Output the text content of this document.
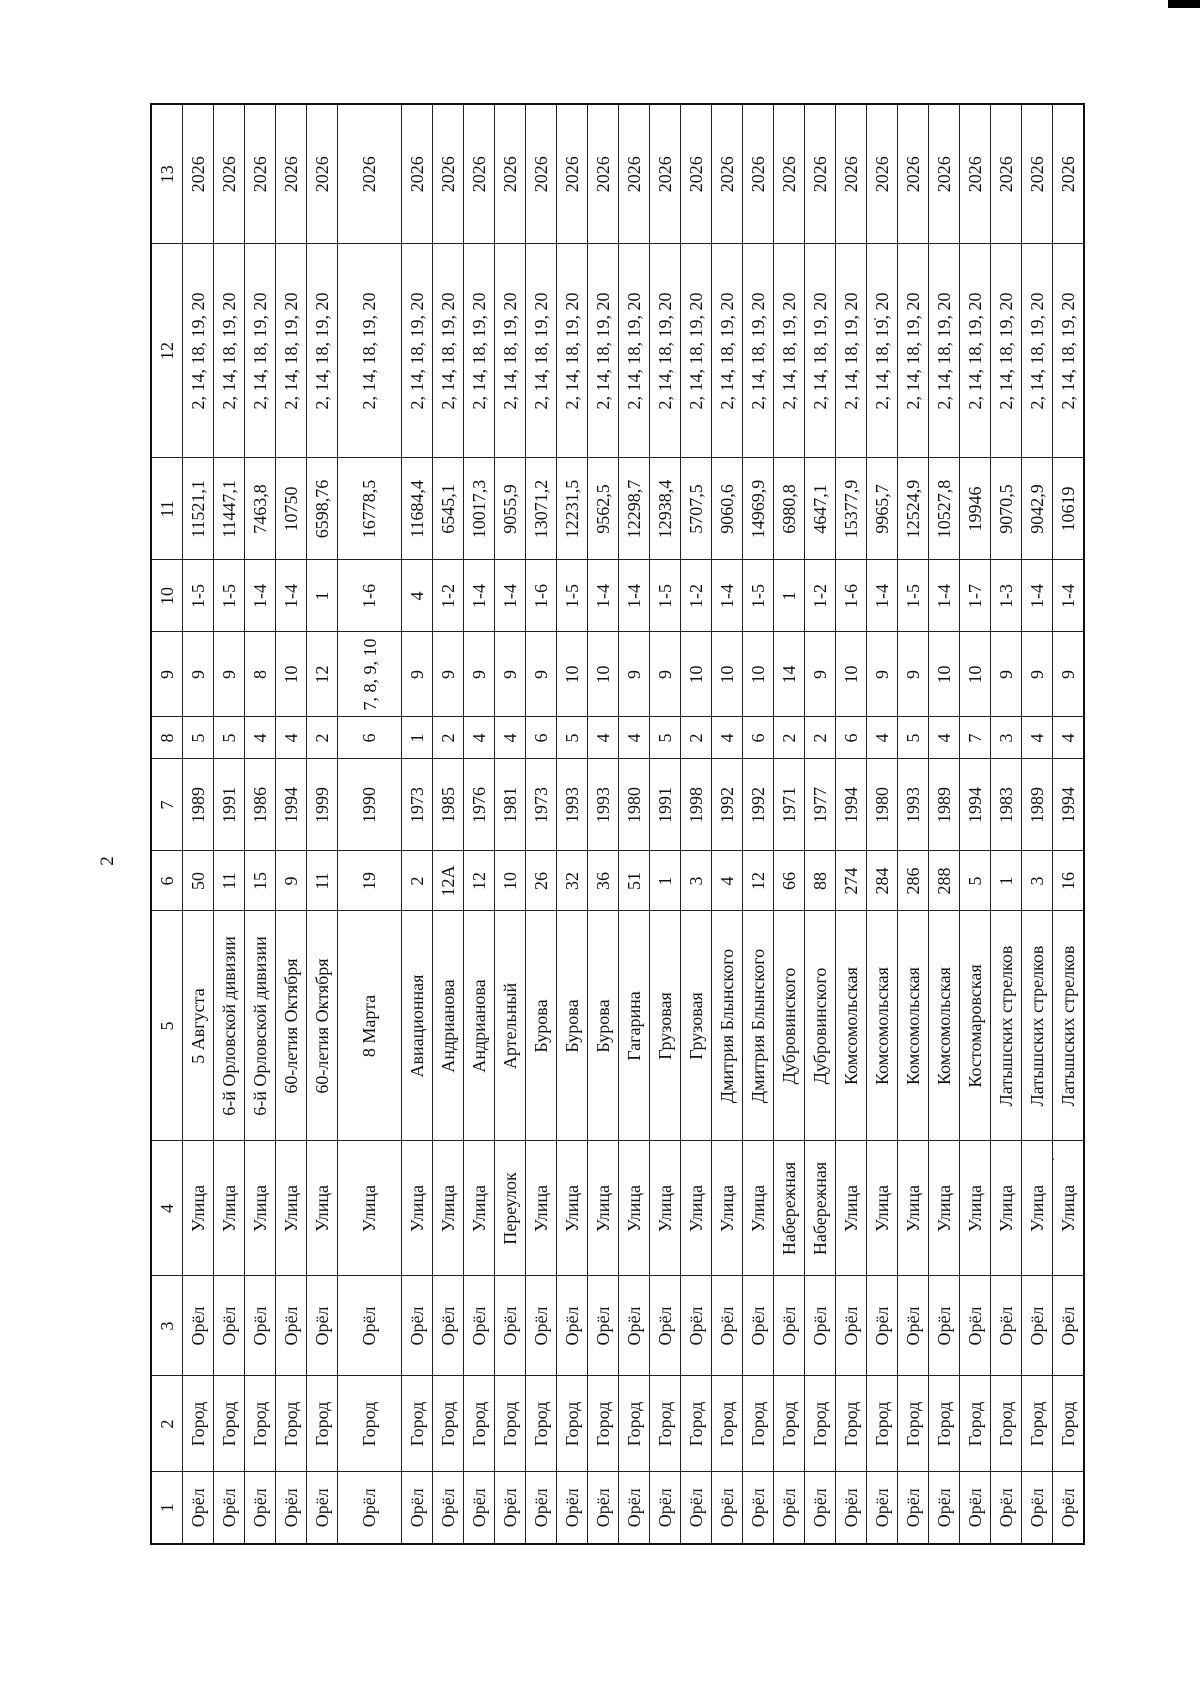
2
1	2	3	4	5	6	7	8	9	10	11	12	13
Орёл	Город	Орёл	Улица	5 Августа	50	1989	5	9	1-5	11521,1	2, 14, 18, 19, 20	2026
Орёл	Город	Орёл	Улица	6-й Орловской дивизии	11	1991	5	9	1-5	11447,1	2, 14, 18, 19, 20	2026
Орёл	Город	Орёл	Улица	6-й Орловской дивизии	15	1986	4	8	1-4	7463,8	2, 14, 18, 19, 20	2026
Орёл	Город	Орёл	Улица	60-летия Октября	9	1994	4	10	1-4	10750	2, 14, 18, 19, 20	2026
Орёл	Город	Орёл	Улица	60-летия Октября	11	1999	2	12	1	6598,76	2, 14, 18, 19, 20	2026
Орёл	Город	Орёл	Улица	8 Марта	19	1990	6	7, 8, 9, 10	1-6	16778,5	2, 14, 18, 19, 20	2026
Орёл	Город	Орёл	Улица	Авиационная	2	1973	1	9	4	11684,4	2, 14, 18, 19, 20	2026
Орёл	Город	Орёл	Улица	Андрианова	12А	1985	2	9	1-2	6545,1	2, 14, 18, 19, 20	2026
Орёл	Город	Орёл	Улица	Андрианова	12	1976	4	9	1-4	10017,3	2, 14, 18, 19, 20	2026
Орёл	Город	Орёл	Переулок	Артельный	10	1981	4	9	1-4	9055,9	2, 14, 18, 19, 20	2026
Орёл	Город	Орёл	Улица	Бурова	26	1973	6	9	1-6	13071,2	2, 14, 18, 19, 20	2026
Орёл	Город	Орёл	Улица	Бурова	32	1993	5	10	1-5	12231,5	2, 14, 18, 19, 20	2026
Орёл	Город	Орёл	Улица	Бурова	36	1993	4	10	1-4	9562,5	2, 14, 18, 19, 20	2026
Орёл	Город	Орёл	Улица	Гагарина	51	1980	4	9	1-4	12298,7	2, 14, 18, 19, 20	2026
Орёл	Город	Орёл	Улица	Грузовая	1	1991	5	9	1-5	12938,4	2, 14, 18, 19, 20	2026
Орёл	Город	Орёл	Улица	Грузовая	3	1998	2	10	1-2	5707,5	2, 14, 18, 19, 20	2026
Орёл	Город	Орёл	Улица	Дмитрия Блынского	4	1992	4	10	1-4	9060,6	2, 14, 18, 19, 20	2026
Орёл	Город	Орёл	Улица	Дмитрия Блынского	12	1992	6	10	1-5	14969,9	2, 14, 18, 19, 20	2026
Орёл	Город	Орёл	Набережная	Дубровинского	66	1971	2	14	1	6980,8	2, 14, 18, 19, 20	2026
Орёл	Город	Орёл	Набережная	Дубровинского	88	1977	2	9	1-2	4647,1	2, 14, 18, 19, 20	2026
Орёл	Город	Орёл	Улица	Комсомольская	274	1994	6	10	1-6	15377,9	2, 14, 18, 19, 20	2026
Орёл	Город	Орёл	Улица	Комсомольская	284	1980	4	9	1-4	9965,7	2, 14, 18, 19, 20	2026
Орёл	Город	Орёл	Улица	Комсомольская	286	1993	5	9	1-5	12524,9	2, 14, 18, 19, 20	2026
Орёл	Город	Орёл	Улица	Комсомольская	288	1989	4	10	1-4	10527,8	2, 14, 18, 19, 20	2026
Орёл	Город	Орёл	Улица	Костомаровская	5	1994	7	10	1-7	19946	2, 14, 18, 19, 20	2026
Орёл	Город	Орёл	Улица	Латышских стрелков	1	1983	3	9	1-3	9070,5	2, 14, 18, 19, 20	2026
Орёл	Город	Орёл	Улица	Латышских стрелков	3	1989	4	9	1-4	9042,9	2, 14, 18, 19, 20	2026
Орёл	Город	Орёл	Улица	Латышских стрелков	16	1994	4	9	1-4	10619	2, 14, 18, 19, 20	2026
